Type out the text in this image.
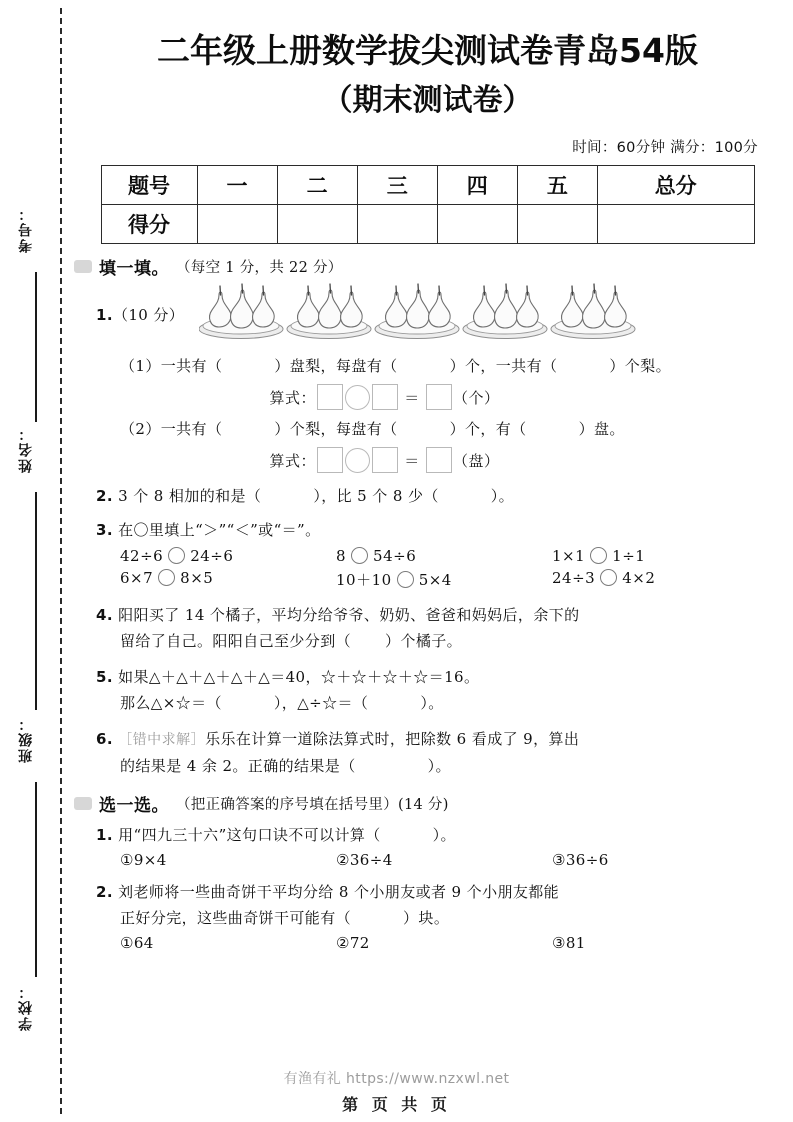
考号：
姓名：
班级：
学校：
二年级上册数学拔尖测试卷青岛54版
（期末测试卷）
时间：60分钟 满分：100分
题号	一	二	三	四	五	总分
得分						
填一填。 （每空 1 分，共 22 分）
1.（10 分）
（1）一共有（	）盘梨，每盘有（	）个，一共有（	）个梨。
算式：	＝ （个）
（2）一共有（	）个梨，每盘有（	）个，有（	）盘。
算式：	＝ （盘）
2. 3 个 8 相加的和是（	），比 5 个 8 少（	）。
3. 在〇里填上“＞”“＜”或“＝”。
42÷6 24÷6	8 54÷6	1×1 1÷1
6×7 8×5	10＋10 5×4	24÷3 4×2
4. 阳阳买了 14 个橘子，平均分给爷爷、奶奶、爸爸和妈妈后，余下的
留给了自己。阳阳自己至少分到（ ）个橘子。
5. 如果△＋△＋△＋△＋△＝40，☆＋☆＋☆＋☆＝16。
那么△×☆＝（	），△÷☆＝（	）。
6. ［错中求解］乐乐在计算一道除法算式时，把除数 6 看成了 9，算出
的结果是 4 余 2。正确的结果是（	）。
选一选。 （把正确答案的序号填在括号里）(14 分)
1. 用“四九三十六”这句口诀不可以计算（	）。
①9×4	②36÷4	③36÷6
2. 刘老师将一些曲奇饼干平均分给 8 个小朋友或者 9 个小朋友都能
正好分完，这些曲奇饼干可能有（	）块。
①64	②72	③81
有渔有礼 https://www.nzxwl.net
第 页 共 页
